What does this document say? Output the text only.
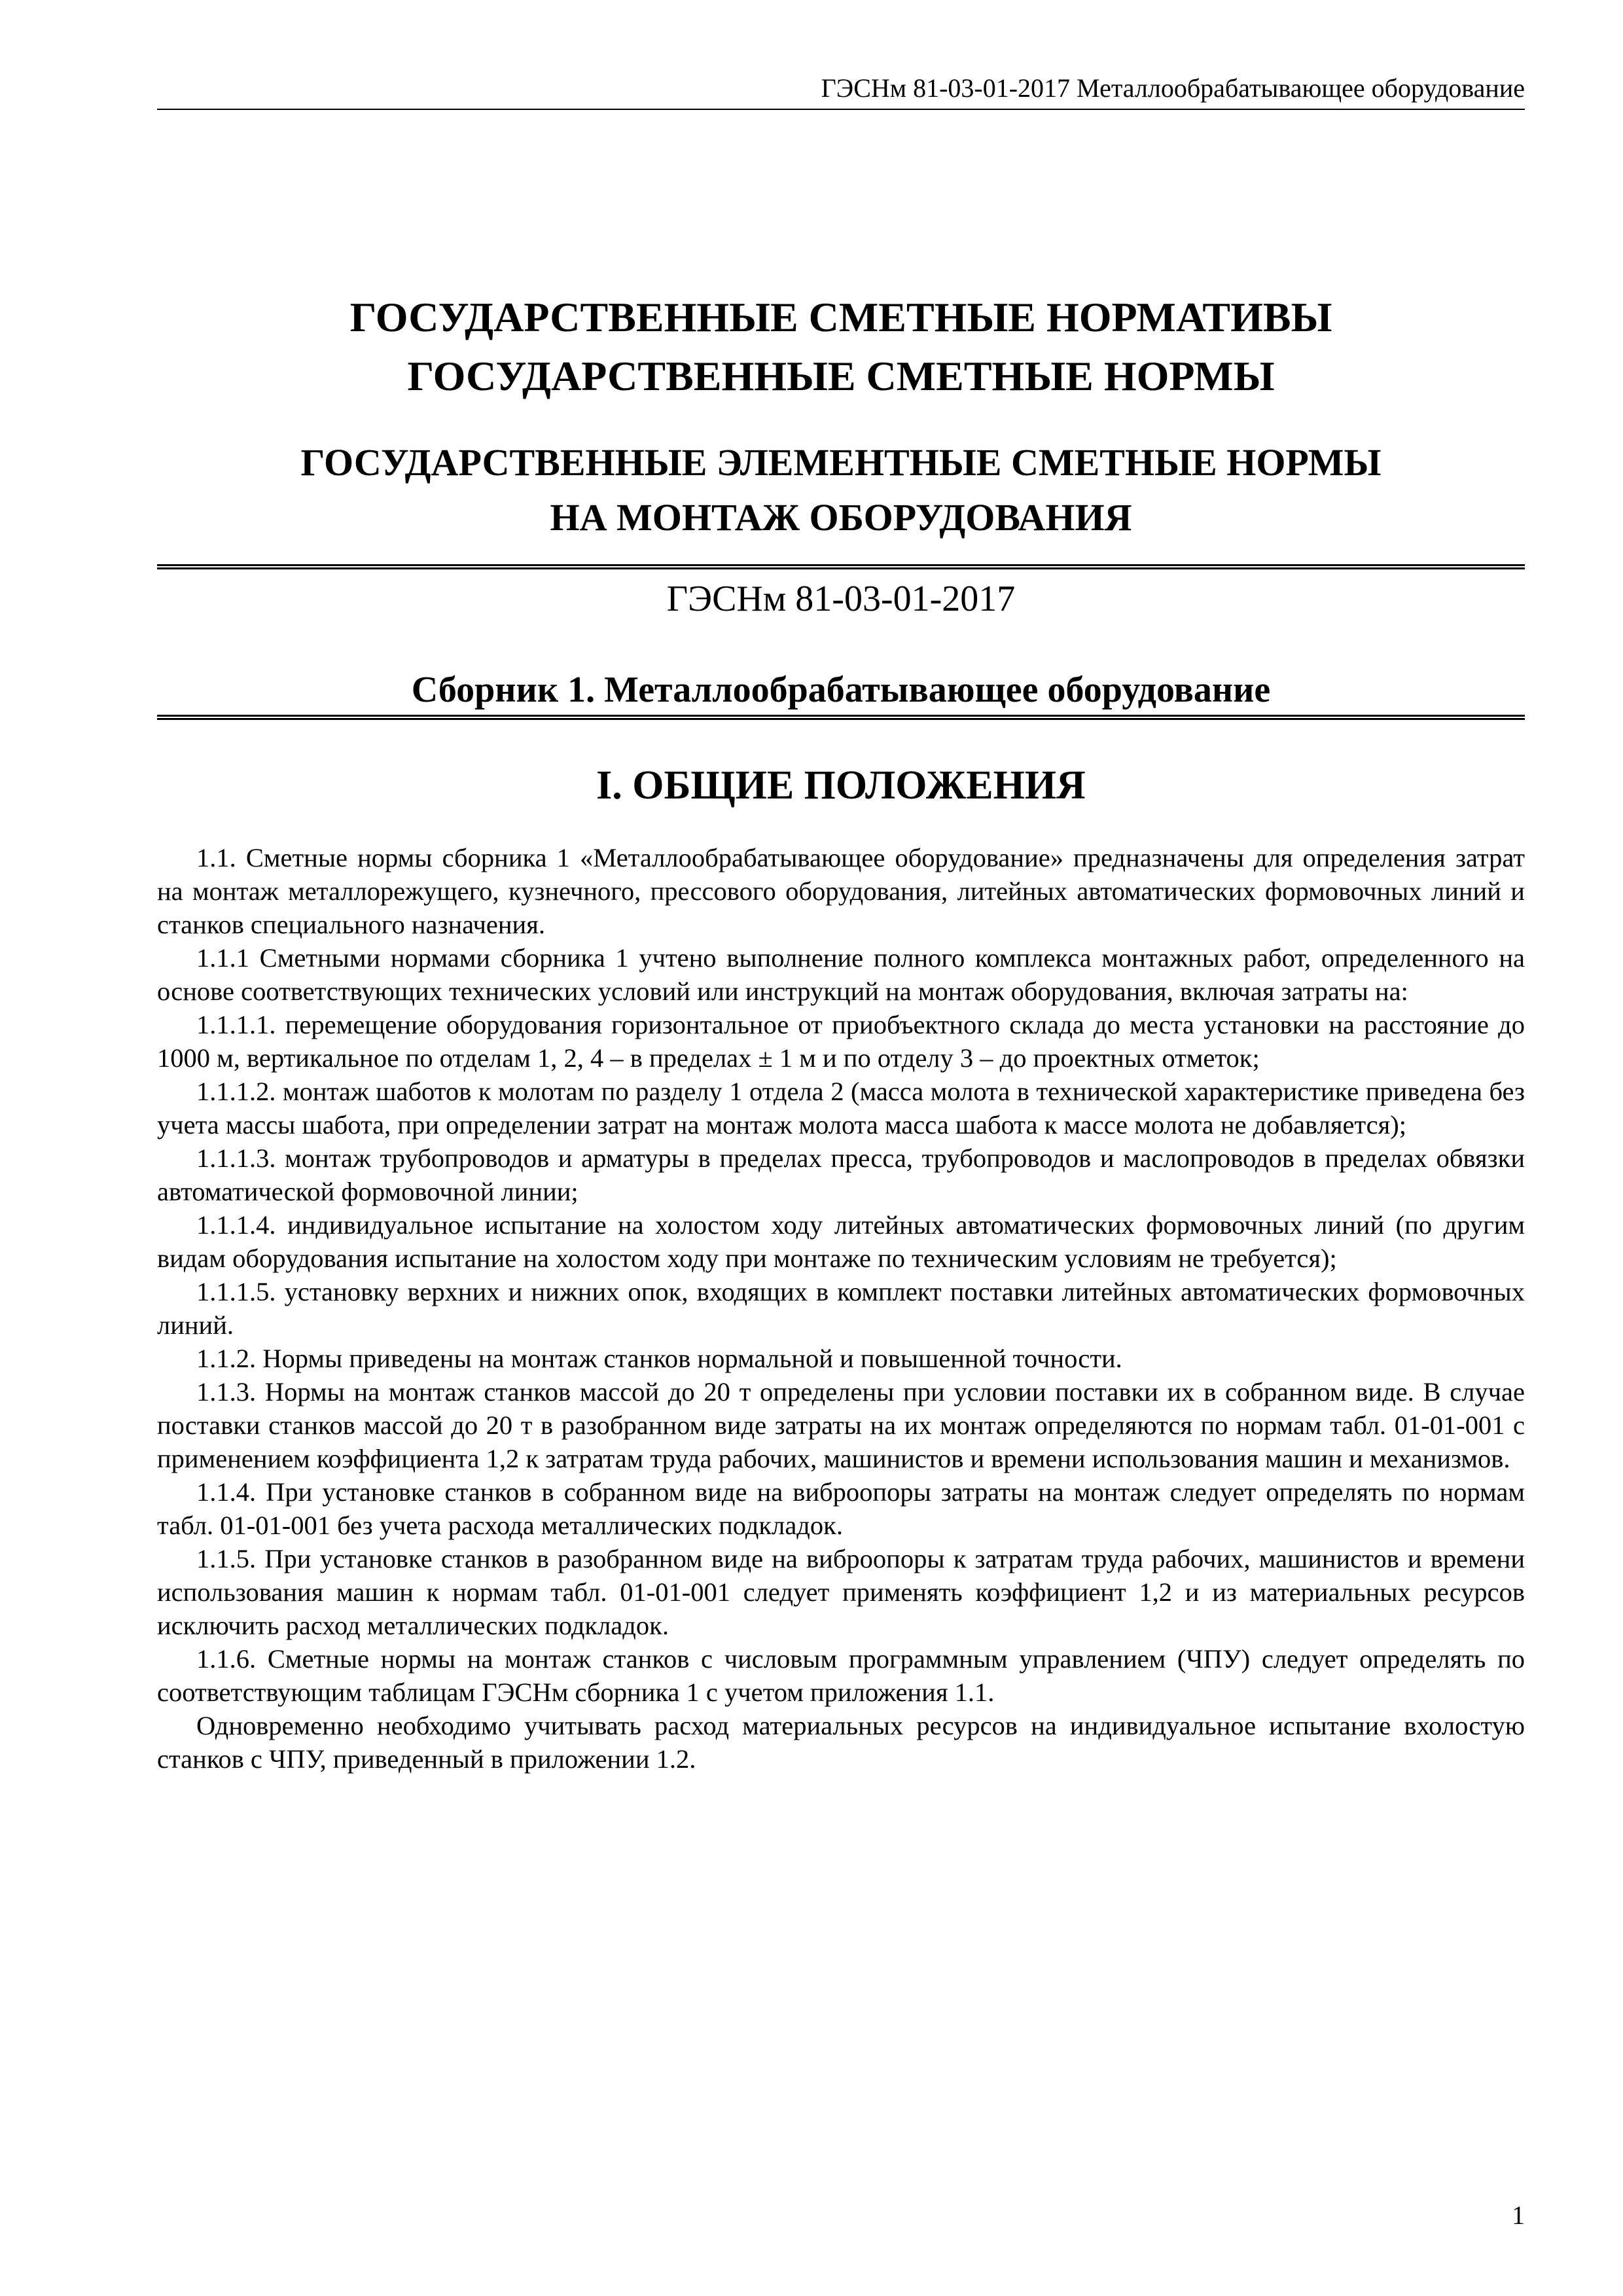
ГЭСНм 81-03-01-2017 Металлообрабатывающее оборудование
ГОСУДАРСТВЕННЫЕ СМЕТНЫЕ НОРМАТИВЫ
ГОСУДАРСТВЕННЫЕ СМЕТНЫЕ НОРМЫ
ГОСУДАРСТВЕННЫЕ ЭЛЕМЕНТНЫЕ СМЕТНЫЕ НОРМЫ
НА МОНТАЖ ОБОРУДОВАНИЯ
ГЭСНм 81-03-01-2017
Сборник 1. Металлообрабатывающее оборудование
I. ОБЩИЕ ПОЛОЖЕНИЯ

1.1. Сметные нормы сборника 1 «Металлообрабатывающее оборудование» предназначены для определения затрат на монтаж металлорежущего, кузнечного, прессового оборудования, литейных автоматических формовочных линий и станков специального назначения.

1.1.1 Сметными нормами сборника 1 учтено выполнение полного комплекса монтажных работ, определенного на основе соответствующих технических условий или инструкций на монтаж оборудования, включая затраты на:

1.1.1.1. перемещение оборудования горизонтальное от приобъектного склада до места установки на расстояние до 1000 м, вертикальное по отделам 1, 2, 4 – в пределах ± 1 м и по отделу 3 – до проектных отметок;

1.1.1.2. монтаж шаботов к молотам по разделу 1 отдела 2 (масса молота в технической характеристике приведена без учета массы шабота, при определении затрат на монтаж молота масса шабота к массе молота не добавляется);

1.1.1.3. монтаж трубопроводов и арматуры в пределах пресса, трубопроводов и маслопроводов в пределах обвязки автоматической формовочной линии;

1.1.1.4. индивидуальное испытание на холостом ходу литейных автоматических формовочных линий (по другим видам оборудования испытание на холостом ходу при монтаже по техническим условиям не требуется);

1.1.1.5. установку верхних и нижних опок, входящих в комплект поставки литейных автоматических формовочных линий.

1.1.2. Нормы приведены на монтаж станков нормальной и повышенной точности.

1.1.3. Нормы на монтаж станков массой до 20 т определены при условии поставки их в собранном виде. В случае поставки станков массой до 20 т в разобранном виде затраты на их монтаж определяются по нормам табл. 01-01-001 с применением коэффициента 1,2 к затратам труда рабочих, машинистов и времени использования машин и механизмов.

1.1.4. При установке станков в собранном виде на виброопоры затраты на монтаж следует определять по нормам табл. 01-01-001 без учета расхода металлических подкладок.

1.1.5. При установке станков в разобранном виде на виброопоры к затратам труда рабочих, машинистов и времени использования машин к нормам табл. 01-01-001 следует применять коэффициент 1,2 и из материальных ресурсов исключить расход металлических подкладок.

1.1.6. Сметные нормы на монтаж станков с числовым программным управлением (ЧПУ) следует определять по соответствующим таблицам ГЭСНм сборника 1 с учетом приложения 1.1.

Одновременно необходимо учитывать расход материальных ресурсов на индивидуальное испытание вхолостую станков с ЧПУ, приведенный в приложении 1.2.

1
